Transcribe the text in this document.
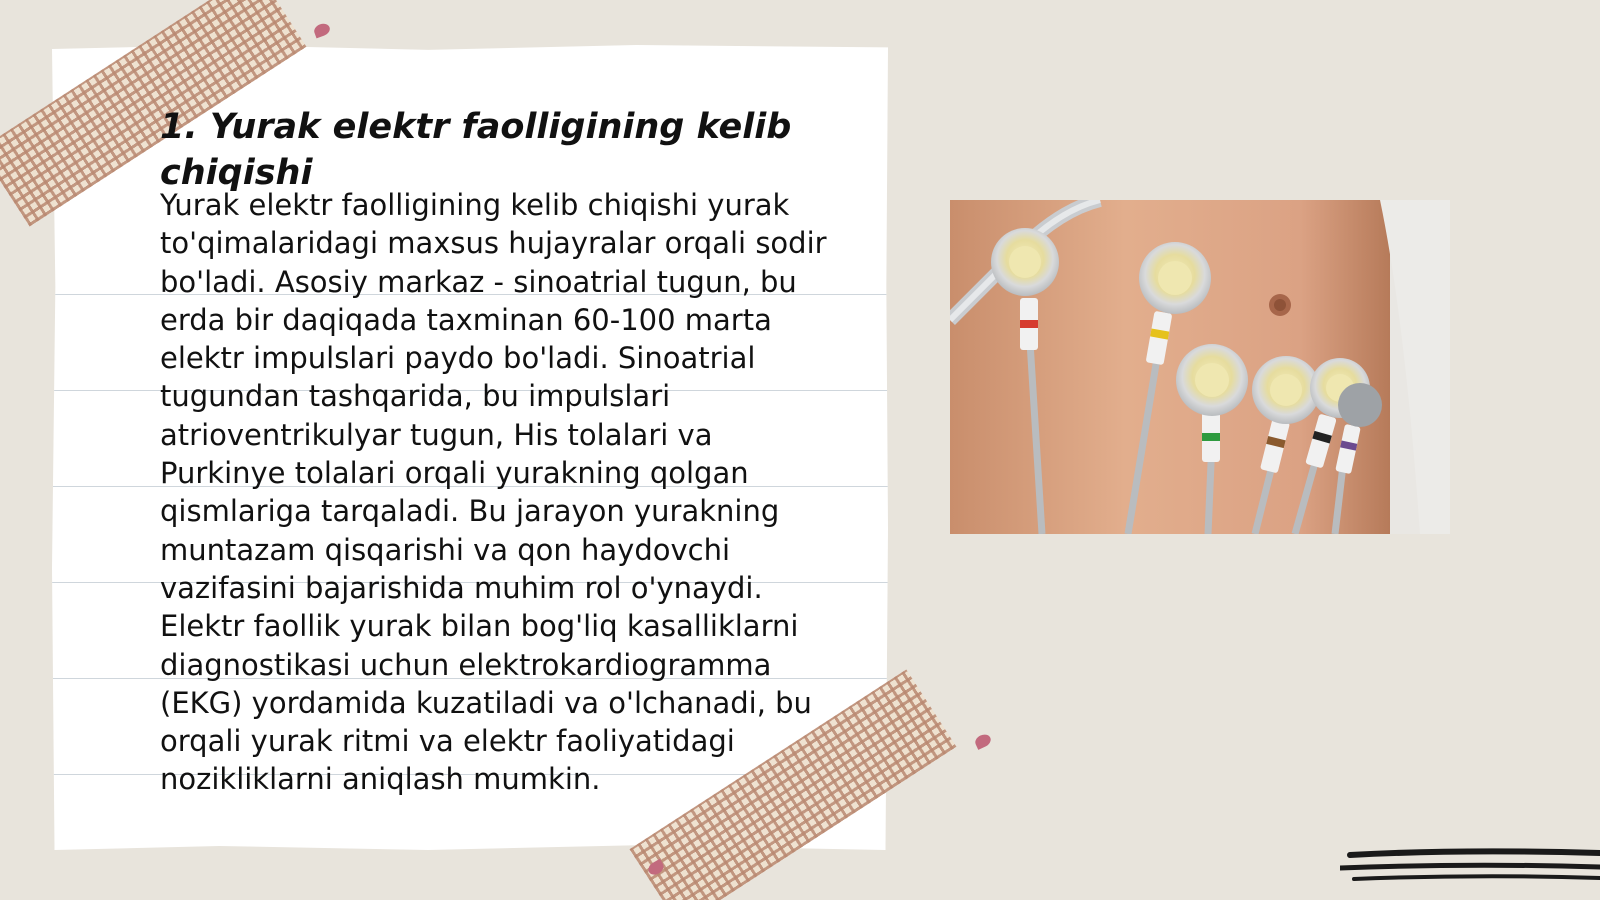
1. Yurak elektr faolligining kelib chiqishi

Yurak elektr faolligining kelib chiqishi yurak to'qimalaridagi maxsus hujayralar orqali sodir bo'ladi. Asosiy markaz - sinoatrial tugun, bu erda bir daqiqada taxminan 60-100 marta elektr impulslari paydo bo'ladi. Sinoatrial tugundan tashqarida, bu impulslari atrioventrikulyar tugun, His tolalari va Purkinye tolalari orqali yurakning qolgan qismlariga tarqaladi. Bu jarayon yurakning muntazam qisqarishi va qon haydovchi vazifasini bajarishida muhim rol o'ynaydi. Elektr faollik yurak bilan bog'liq kasalliklarni diagnostikasi uchun elektrokardiogramma (EKG) yordamida kuzatiladi va o'lchanadi, bu orqali yurak ritmi va elektr faoliyatidagi nozikliklarni aniqlash mumkin.
